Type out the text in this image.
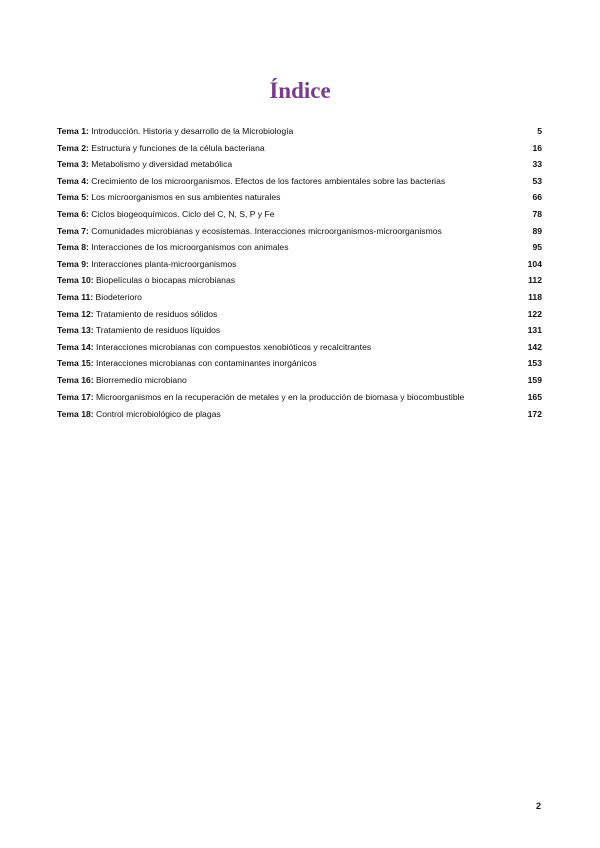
Índice
Tema 1: Introducción. Historia y desarrollo de la Microbiología	5
Tema 2: Estructura y funciones de la célula bacteriana	16
Tema 3: Metabolismo y diversidad metabólica	33
Tema 4: Crecimiento de los microorganismos. Efectos de los factores ambientales sobre las bacterias	53
Tema 5: Los microorganismos en sus ambientes naturales	66
Tema 6: Ciclos biogeoquímicos. Ciclo del C, N, S, P y Fe	78
Tema 7: Comunidades microbianas y ecosistemas. Interacciones microorganismos-microorganismos	89
Tema 8: Interacciones de los microorganismos con animales	95
Tema 9: Interacciones planta-microorganismos	104
Tema 10: Biopelículas o biocapas microbianas	112
Tema 11: Biodeterioro	118
Tema 12: Tratamiento de residuos sólidos	122
Tema 13: Tratamiento de residuos líquidos	131
Tema 14: Interacciones microbianas con compuestos xenobióticos y recalcitrantes	142
Tema 15: Interacciones microbianas con contaminantes inorgánicos	153
Tema 16: Biorremedio microbiano	159
Tema 17: Microorganismos en la recuperación de metales y en la producción de biomasa y biocombustible	165
Tema 18: Control microbiológico de plagas	172
2
